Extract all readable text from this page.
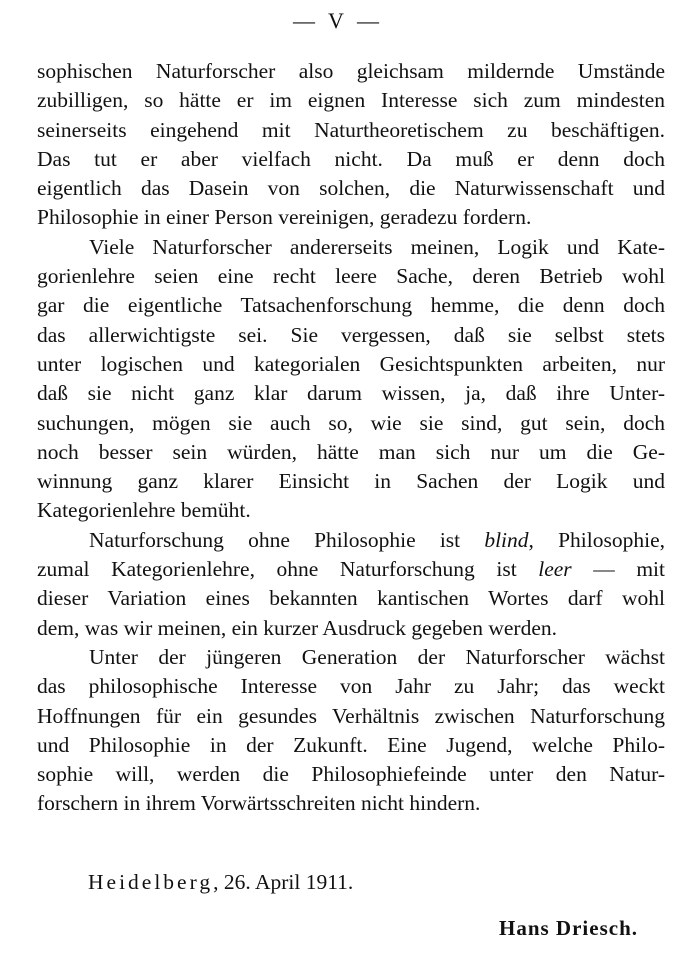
— V —
sophischen Naturforscher also gleichsam mildernde Umstände
zubilligen, so hätte er im eignen Interesse sich zum mindesten
seinerseits eingehend mit Naturtheoretischem zu beschäftigen.
Das tut er aber vielfach nicht. Da muß er denn doch
eigentlich das Dasein von solchen, die Naturwissenschaft und
Philosophie in einer Person vereinigen, geradezu fordern.
Viele Naturforscher andererseits meinen, Logik und Kate-
gorienlehre seien eine recht leere Sache, deren Betrieb wohl
gar die eigentliche Tatsachenforschung hemme, die denn doch
das allerwichtigste sei. Sie vergessen, daß sie selbst stets
unter logischen und kategorialen Gesichtspunkten arbeiten, nur
daß sie nicht ganz klar darum wissen, ja, daß ihre Unter-
suchungen, mögen sie auch so, wie sie sind, gut sein, doch
noch besser sein würden, hätte man sich nur um die Ge-
winnung ganz klarer Einsicht in Sachen der Logik und
Kategorienlehre bemüht.
Naturforschung ohne Philosophie ist blind, Philosophie,
zumal Kategorienlehre, ohne Naturforschung ist leer — mit
dieser Variation eines bekannten kantischen Wortes darf wohl
dem, was wir meinen, ein kurzer Ausdruck gegeben werden.
Unter der jüngeren Generation der Naturforscher wächst
das philosophische Interesse von Jahr zu Jahr; das weckt
Hoffnungen für ein gesundes Verhältnis zwischen Naturforschung
und Philosophie in der Zukunft. Eine Jugend, welche Philo-
sophie will, werden die Philosophiefeinde unter den Natur-
forschern in ihrem Vorwärtsschreiten nicht hindern.
Heidelberg, 26. April 1911.
Hans Driesch.
